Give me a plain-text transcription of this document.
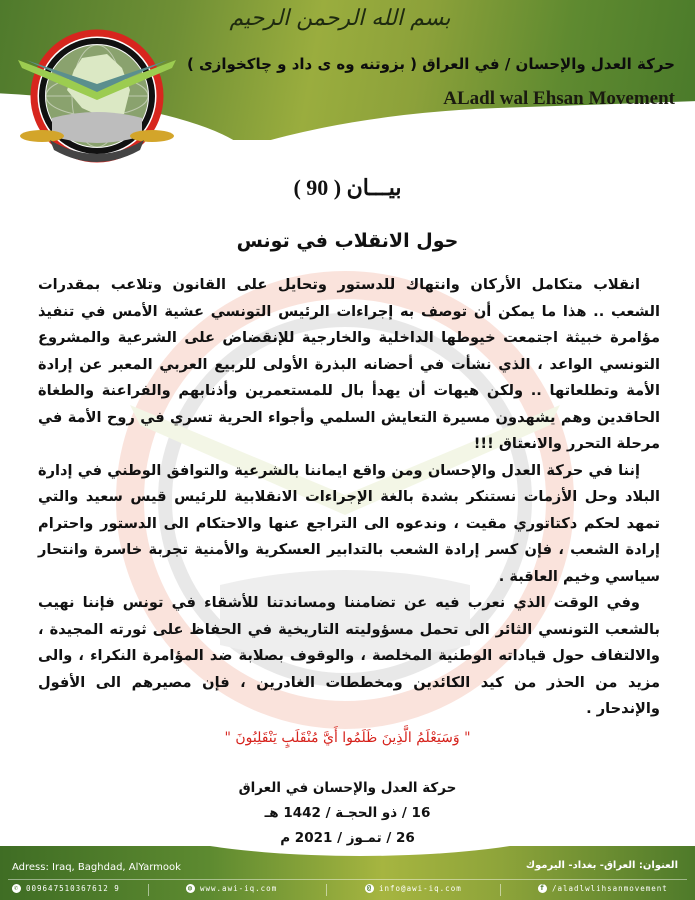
بسم الله الرحمن الرحيم
حركة العدل والإحسان / في العراق ( بزوتنه وه ى داد و چاكخوازى )
ALadl wal Ehsan Movement
بيـــان ( 90 )
حول الانقلاب في تونس

انقلاب متكامل الأركان وانتهاك للدستور وتحايل على القانون وتلاعب بمقدرات الشعب .. هذا ما يمكن أن توصف به إجراءات الرئيس التونسي عشية الأمس في تنفيذ مؤامرة خبيثة اجتمعت خيوطها الداخلية والخارجية للإنقضاض على الشرعية والمشروع التونسي الواعد ، الذي نشأت في أحضانه البذرة الأولى للربيع العربي المعبر عن إرادة الأمة وتطلعاتها .. ولكن هيهات أن يهدأ بال للمستعمرين وأذنابهم والفراعنة والطغاة الحاقدين وهم يشهدون مسيرة التعايش السلمي وأجواء الحرية تسري في روح الأمة في مرحلة التحرر والانعتاق !!!

إننا في حركة العدل والإحسان ومن واقع ايماننا بالشرعية والتوافق الوطني في إدارة البلاد وحل الأزمات نستنكر بشدة بالغة الإجراءات الانقلابية للرئيس قيس سعيد والتي تمهد لحكم دكتاتوري مقيت ، وندعوه الى التراجع عنها والاحتكام الى الدستور واحترام إرادة الشعب ، فإن كسر إرادة الشعب بالتدابير العسكرية والأمنية تجربة خاسرة وانتحار سياسي وخيم العاقبة .

وفي الوقت الذي نعرب فيه عن تضامننا ومساندتنا للأشقاء في تونس فإننا نهيب بالشعب التونسي الثائر الى تحمل مسؤوليته التاريخية في الحفاظ على ثورته المجيدة ، والالتفاف حول قياداته الوطنية المخلصة ، والوقوف بصلابة ضد المؤامرة النكراء ، والى مزيد من الحذر من كيد الكائدين ومخططات الغادرين ، فإن مصيرهم الى الأفول والإندحار .

" وَسَيَعْلَمُ الَّذِينَ ظَلَمُوا أَيَّ مُنْقَلَبٍ يَنْقَلِبُونَ "
حركة العدل والإحسان في العراق
16 / ذو الحجـة / 1442 هـ
26 / تمـوز / 2021 م
Adress: Iraq, Baghdad, AlYarmook	العنوان: العراق- بغداد- اليرموك
✆ 009647510367612 9	◍ www.awi-iq.com	@ info@awi-iq.com	f /aladlwlihsanmovement
